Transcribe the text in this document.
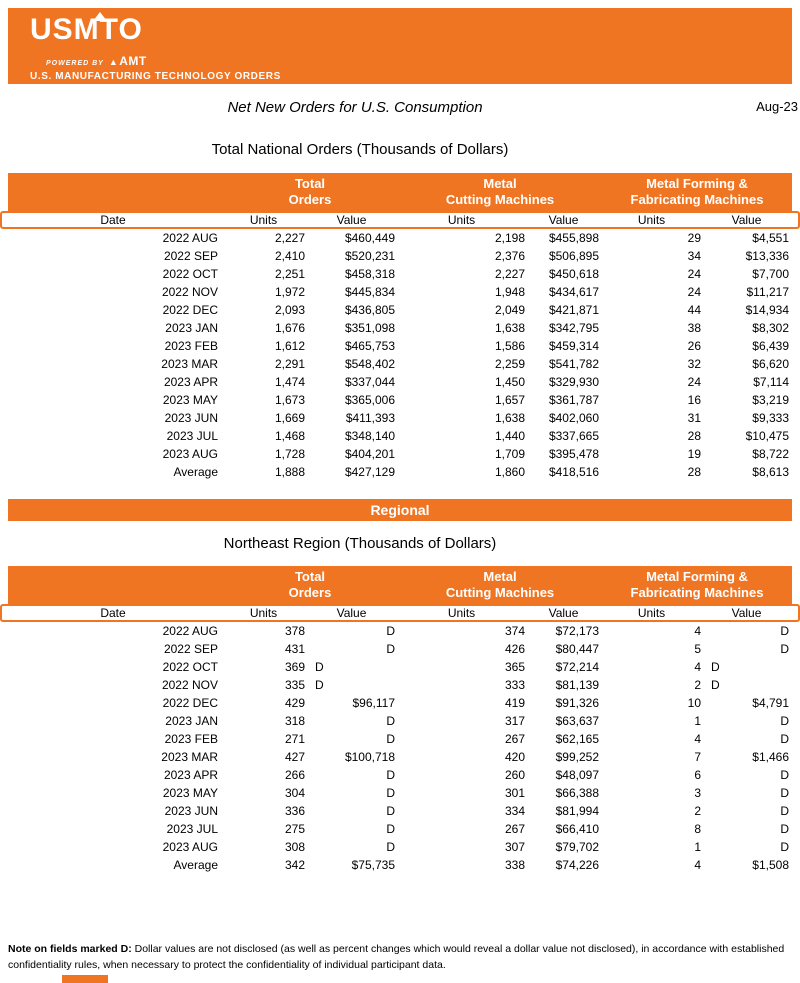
USMTO
POWERED BY ▲AMT
U.S. MANUFACTURING TECHNOLOGY ORDERS
Net New Orders for U.S. Consumption	Aug-23
Total National Orders (Thousands of Dollars)
Total
Orders
Metal
Cutting Machines
Metal Forming &
Fabricating Machines
Date	Units	Value	Units	Value	Units	Value
2022 AUG	2,227	$460,449	2,198	$455,898	29	$4,551
2022 SEP	2,410	$520,231	2,376	$506,895	34	$13,336
2022 OCT	2,251	$458,318	2,227	$450,618	24	$7,700
2022 NOV	1,972	$445,834	1,948	$434,617	24	$11,217
2022 DEC	2,093	$436,805	2,049	$421,871	44	$14,934
2023 JAN	1,676	$351,098	1,638	$342,795	38	$8,302
2023 FEB	1,612	$465,753	1,586	$459,314	26	$6,439
2023 MAR	2,291	$548,402	2,259	$541,782	32	$6,620
2023 APR	1,474	$337,044	1,450	$329,930	24	$7,114
2023 MAY	1,673	$365,006	1,657	$361,787	16	$3,219
2023 JUN	1,669	$411,393	1,638	$402,060	31	$9,333
2023 JUL	1,468	$348,140	1,440	$337,665	28	$10,475
2023 AUG	1,728	$404,201	1,709	$395,478	19	$8,722
Average	1,888	$427,129	1,860	$418,516	28	$8,613
Regional
Northeast Region (Thousands of Dollars)
Total
Orders
Metal
Cutting Machines
Metal Forming &
Fabricating Machines
Date	Units	Value	Units	Value	Units	Value
2022 AUG	378	D	374	$72,173	4	D
2022 SEP	431	D	426	$80,447	5	D
2022 OCT	369 D	365	$72,214	4 D
2022 NOV	335 D	333	$81,139	2 D
2022 DEC	429	$96,117	419	$91,326	10	$4,791
2023 JAN	318	D	317	$63,637	1	D
2023 FEB	271	D	267	$62,165	4	D
2023 MAR	427	$100,718	420	$99,252	7	$1,466
2023 APR	266	D	260	$48,097	6	D
2023 MAY	304	D	301	$66,388	3	D
2023 JUN	336	D	334	$81,994	2	D
2023 JUL	275	D	267	$66,410	8	D
2023 AUG	308	D	307	$79,702	1	D
Average	342	$75,735	338	$74,226	4	$1,508
Note on fields marked D: Dollar values are not disclosed (as well as percent changes which would reveal a dollar value not disclosed), in accordance with established confidentiality rules, when necessary to protect the confidentiality of individual participant data.
